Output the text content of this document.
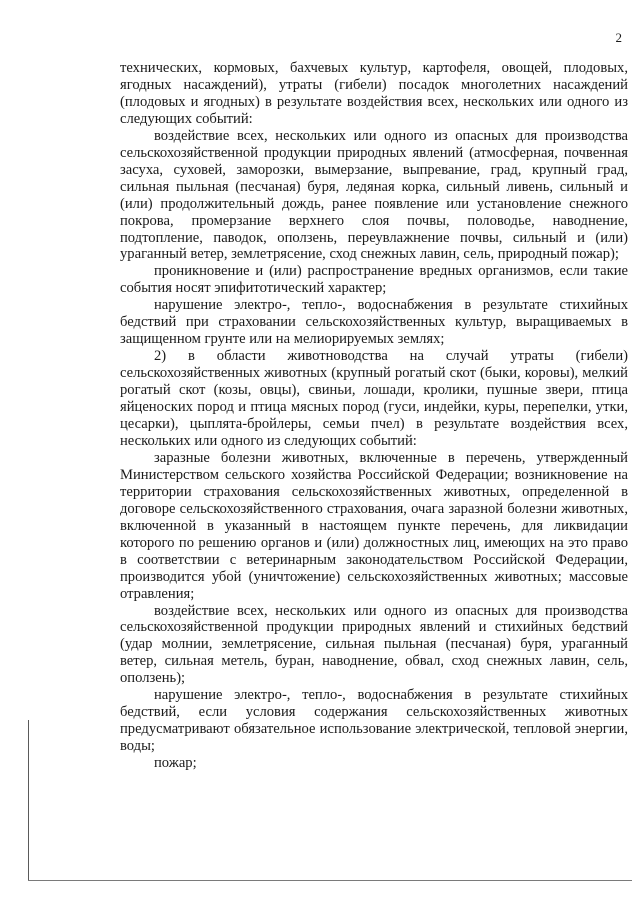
2

технических, кормовых, бахчевых культур, картофеля, овощей, плодовых, ягодных насаждений), утраты (гибели) посадок многолетних насаждений (плодовых и ягодных) в результате воздействия всех, нескольких или одного из следующих событий:

воздействие всех, нескольких или одного из опасных для производства сельскохозяйственной продукции природных явлений (атмосферная, почвенная засуха, суховей, заморозки, вымерзание, выпревание, град, крупный град, сильная пыльная (песчаная) буря, ледяная корка, сильный ливень, сильный и (или) продолжительный дождь, ранее появление или установление снежного покрова, промерзание верхнего слоя почвы, половодье, наводнение, подтопление, паводок, оползень, переувлажнение почвы, сильный и (или) ураганный ветер, землетрясение, сход снежных лавин, сель, природный пожар);

проникновение и (или) распространение вредных организмов, если такие события носят эпифитотический характер;

нарушение электро-, тепло-, водоснабжения в результате стихийных бедствий при страховании сельскохозяйственных культур, выращиваемых в защищенном грунте или на мелиорируемых землях;

2) в области животноводства на случай утраты (гибели) сельскохозяйственных животных (крупный рогатый скот (быки, коровы), мелкий рогатый скот (козы, овцы), свиньи, лошади, кролики, пушные звери, птица яйценоских пород и птица мясных пород (гуси, индейки, куры, перепелки, утки, цесарки), цыплята-бройлеры, семьи пчел) в результате воздействия всех, нескольких или одного из следующих событий:

заразные болезни животных, включенные в перечень, утвержденный Министерством сельского хозяйства Российской Федерации; возникновение на территории страхования сельскохозяйственных животных, определенной в договоре сельскохозяйственного страхования, очага заразной болезни животных, включенной в указанный в настоящем пункте перечень, для ликвидации которого по решению органов и (или) должностных лиц, имеющих на это право в соответствии с ветеринарным законодательством Российской Федерации, производится убой (уничтожение) сельскохозяйственных животных; массовые отравления;

воздействие всех, нескольких или одного из опасных для производства сельскохозяйственной продукции природных явлений и стихийных бедствий (удар молнии, землетрясение, сильная пыльная (песчаная) буря, ураганный ветер, сильная метель, буран, наводнение, обвал, сход снежных лавин, сель, оползень);

нарушение электро-, тепло-, водоснабжения в результате стихийных бедствий, если условия содержания сельскохозяйственных животных предусматривают обязательное использование электрической, тепловой энергии, воды;

пожар;
